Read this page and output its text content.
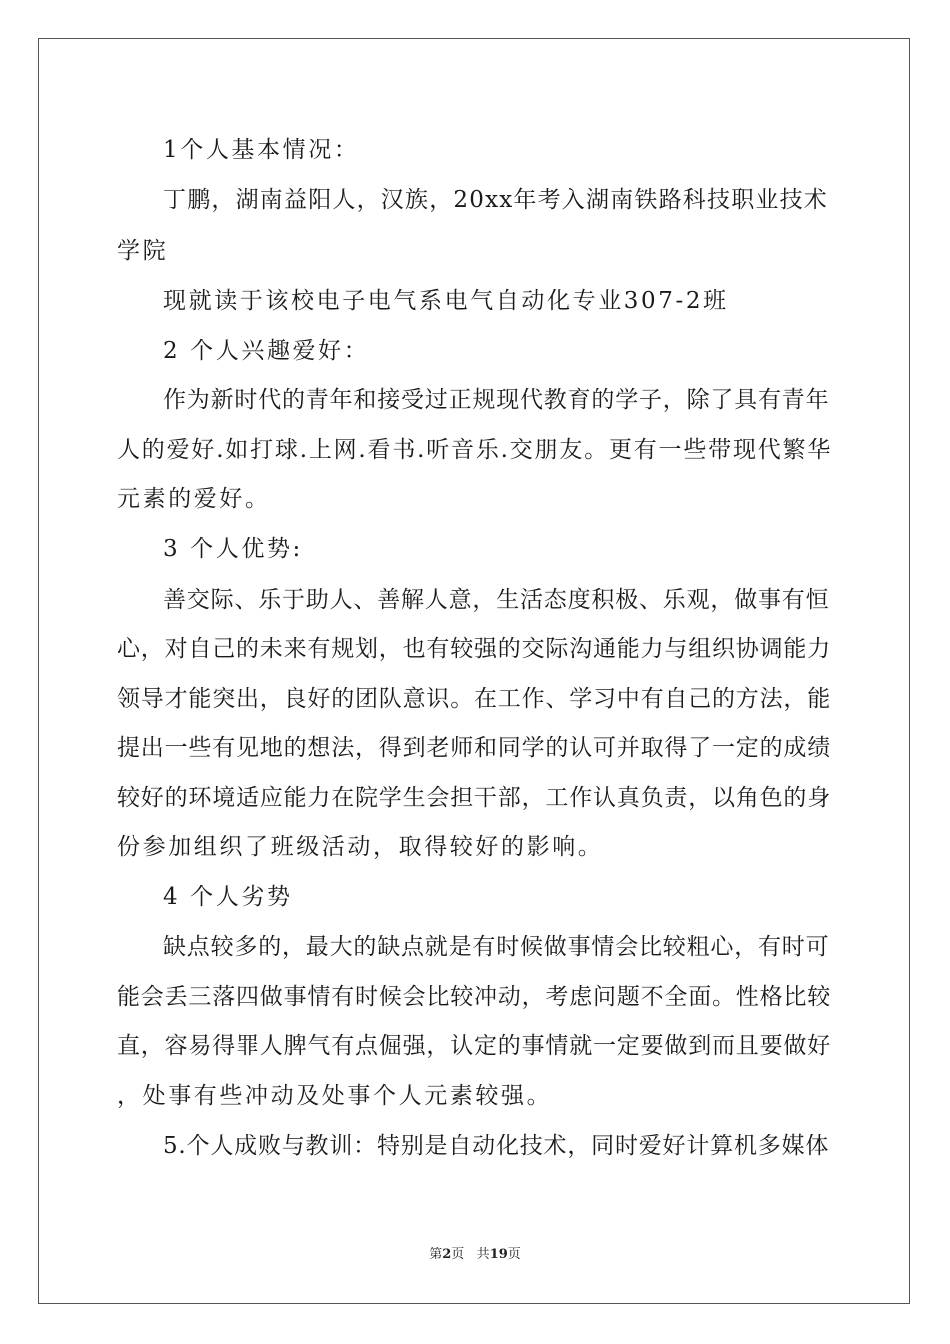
1个人基本情况：
丁鹏，湖南益阳人，汉族，20xx年考入湖南铁路科技职业技术
学院
现就读于该校电子电气系电气自动化专业307-2班
2 个人兴趣爱好：
作为新时代的青年和接受过正规现代教育的学子，除了具有青年
人的爱好.如打球.上网.看书.听音乐.交朋友。更有一些带现代繁华
元素的爱好。
3 个人优势:
善交际、乐于助人、善解人意，生活态度积极、乐观，做事有恒
心，对自己的未来有规划，也有较强的交际沟通能力与组织协调能力
领导才能突出，良好的团队意识。在工作、学习中有自己的方法，能
提出一些有见地的想法，得到老师和同学的认可并取得了一定的成绩
较好的环境适应能力在院学生会担干部，工作认真负责，以角色的身
份参加组织了班级活动，取得较好的影响。
4 个人劣势
缺点较多的，最大的缺点就是有时候做事情会比较粗心，有时可
能会丢三落四做事情有时候会比较冲动，考虑问题不全面。性格比较
直，容易得罪人脾气有点倔强，认定的事情就一定要做到而且要做好
，处事有些冲动及处事个人元素较强。
5.个人成败与教训：特别是自动化技术，同时爱好计算机多媒体
第2页 共19页
